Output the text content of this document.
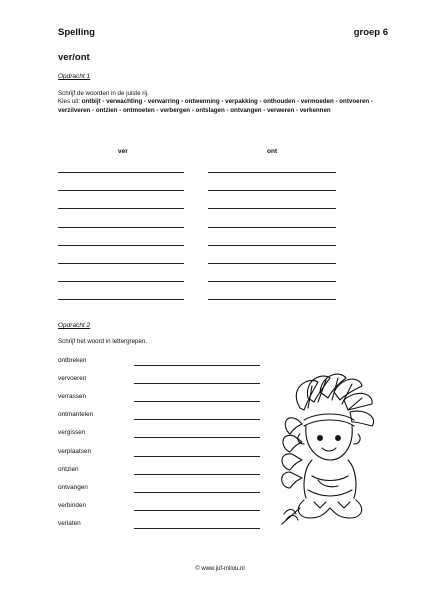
Spelling	groep 6
ver/ont
Opdracht 1
Schrijf de woorden in de juiste rij.
Kies uit: ontbijt - verwachting - verwarring - ontwenning - verpakking - onthouden - vermoeden - ontvoeren - verzilveren - ontzien - ontmoeten - verbergen - ontslagen - ontvangen - verweren - verkennen
ver	ont
Opdracht 2
Schrijf het woord in lettergrepen.
ontbreken
vervoeren
verrassen
ontmantelen
vergissen
verplaatsen
ontzien
ontvangen
verbinden
verlaten
© www.juf-milou.nl
